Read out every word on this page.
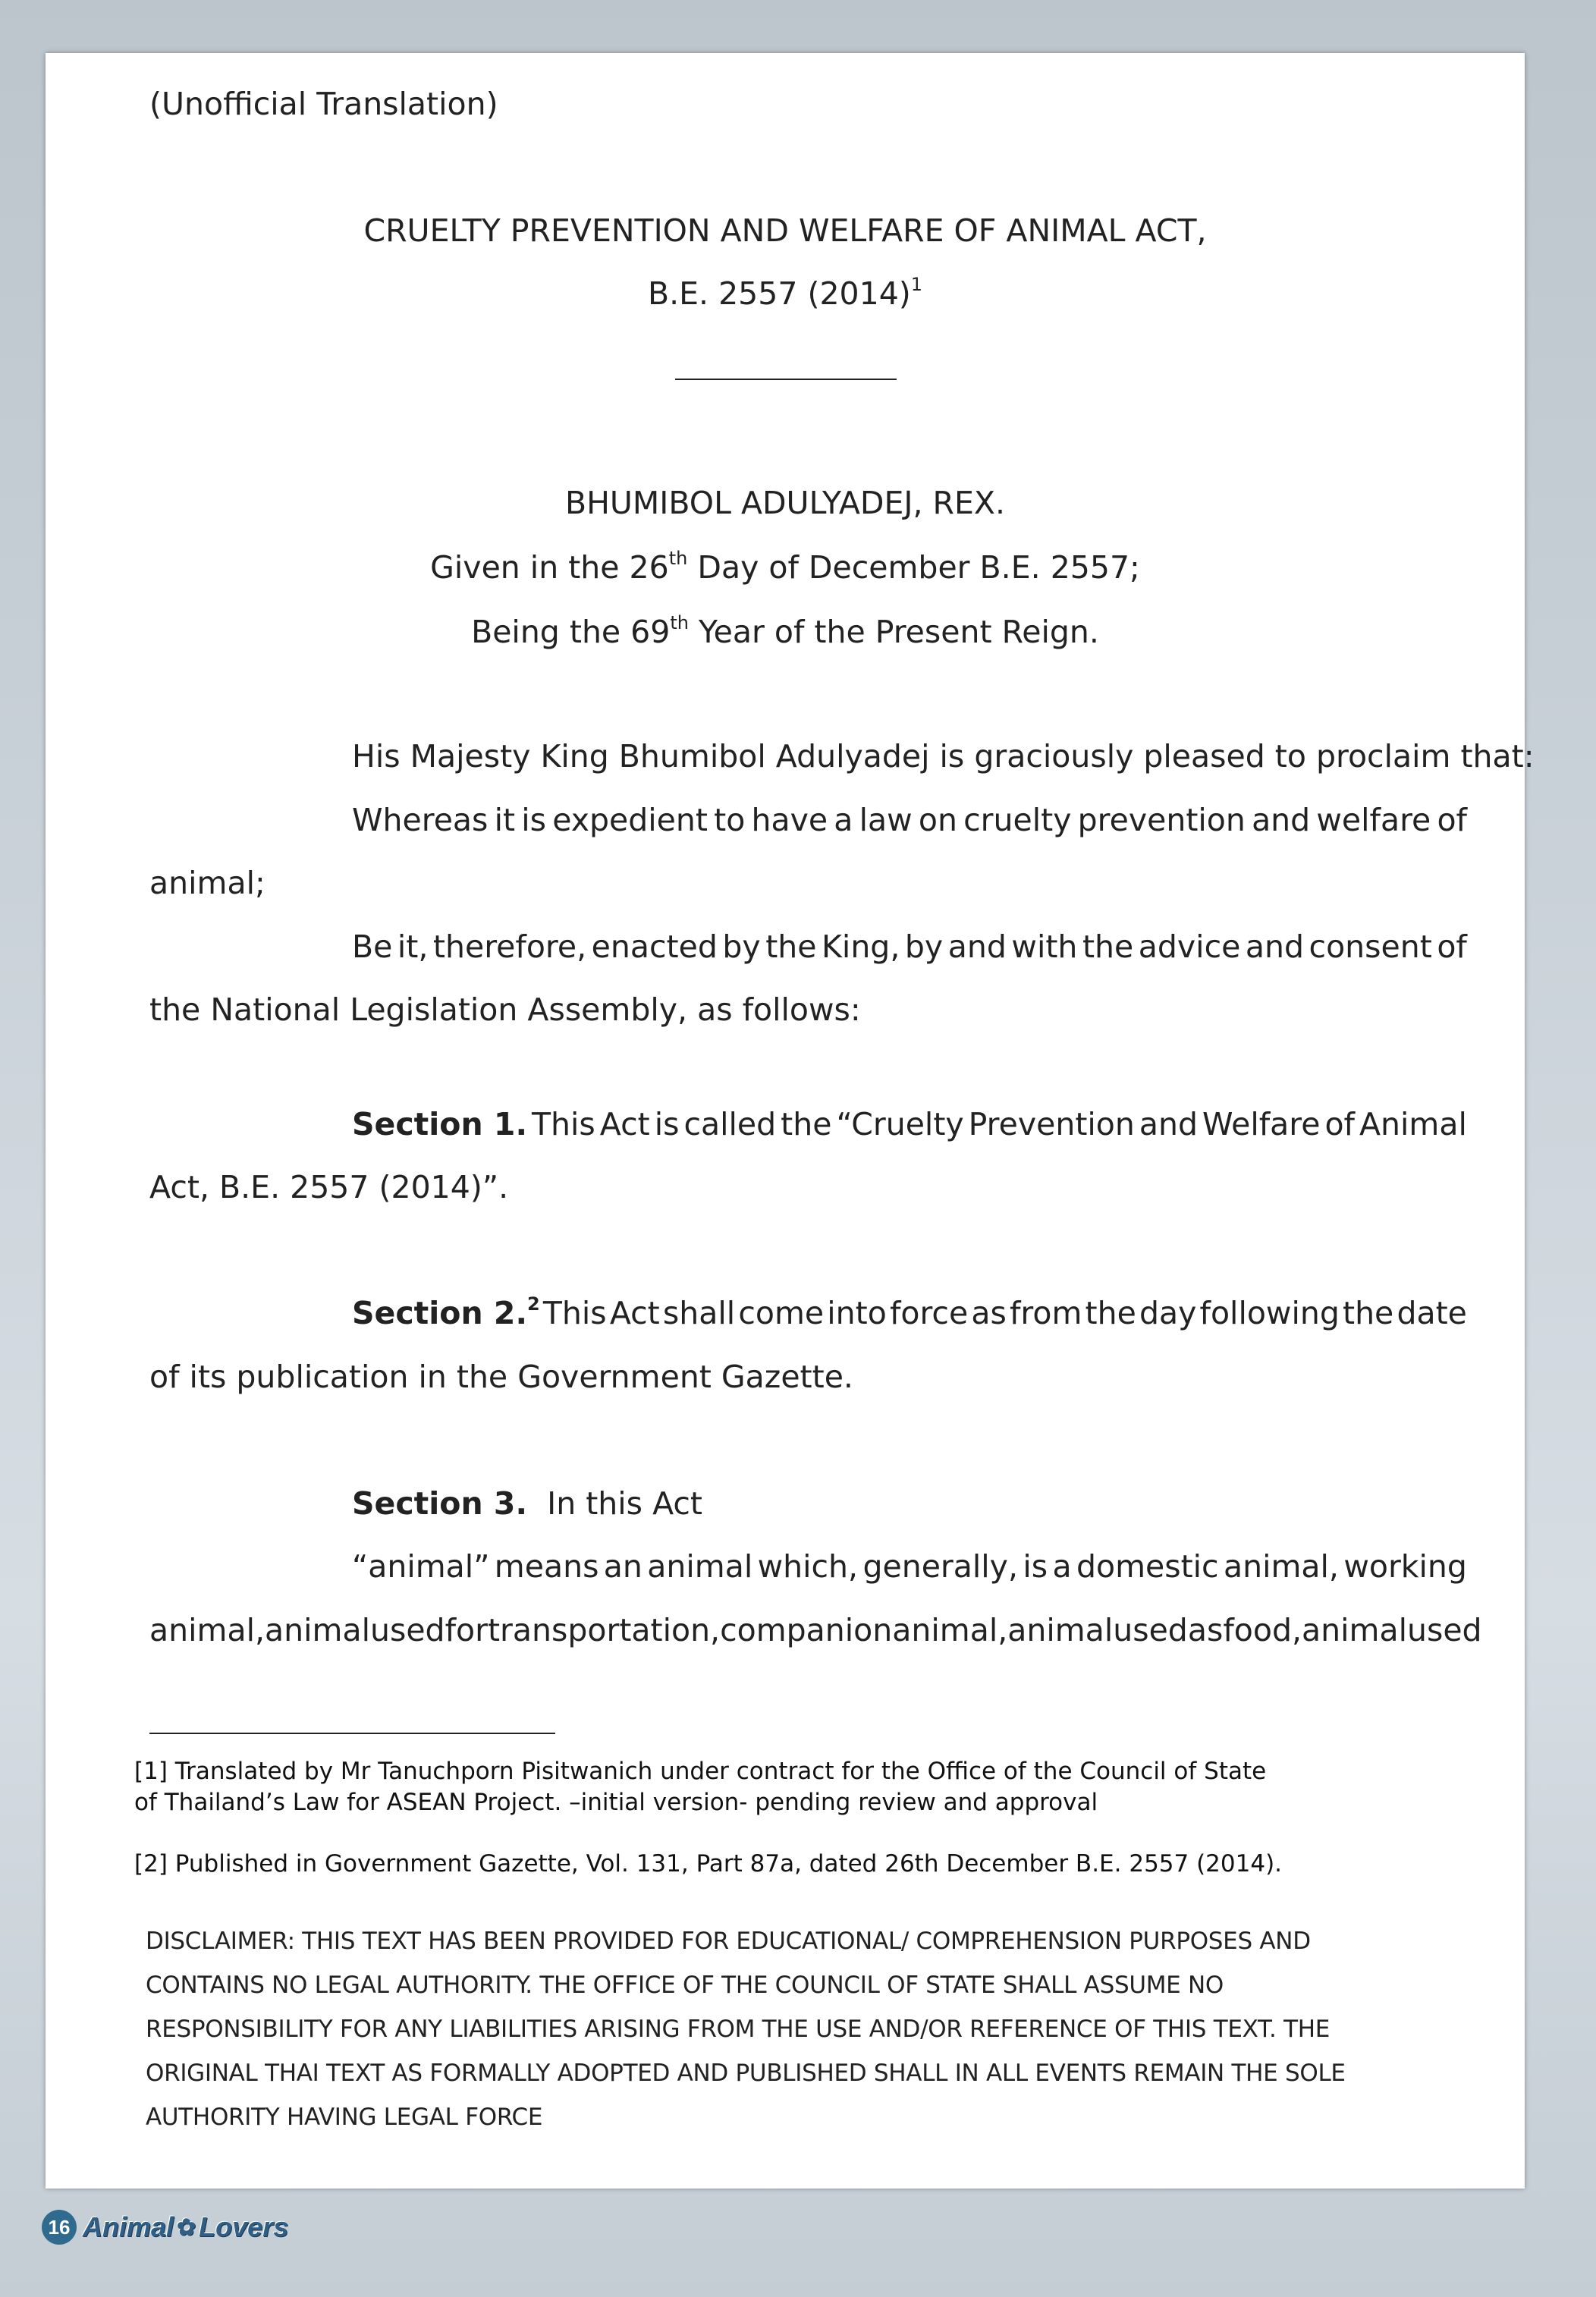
(Unofficial Translation)
CRUELTY PREVENTION AND WELFARE OF ANIMAL ACT,
B.E. 2557 $(2014)^1$
BHUMIBOL ADULYADEJ, REX.
Given in the 26th Day of December B.E. 2557;
Being the 69th Year of the Present Reign.
His Majesty King Bhumibol Adulyadej is graciously pleased to proclaim that:
Whereas it is expedient to have a law on cruelty prevention and welfare of
animal;
Be it, therefore, enacted by the King, by and with the advice and consent of
the National Legislation Assembly, as follows:
Section 1. This Act is called the “Cruelty Prevention and Welfare of Animal
Act, B.E. 2557 (2014)”.
Section 2.$^2$ This Act shall come into force as from the day following the date
of its publication in the Government Gazette.
Section 3. In this Act
“animal” means an animal which, generally, is a domestic animal, working
animal, animal used for transportation, companion animal, animal used as food, animal used
[1] Translated by Mr Tanuchporn Pisitwanich under contract for the Office of the Council of State
of Thailand’s Law for ASEAN Project. –initial version- pending review and approval
[2] Published in Government Gazette, Vol. 131, Part 87a, dated 26th December B.E. 2557 (2014).
DISCLAIMER: THIS TEXT HAS BEEN PROVIDED FOR EDUCATIONAL/ COMPREHENSION PURPOSES AND
CONTAINS NO LEGAL AUTHORITY. THE OFFICE OF THE COUNCIL OF STATE SHALL ASSUME NO
RESPONSIBILITY FOR ANY LIABILITIES ARISING FROM THE USE AND/OR REFERENCE OF THIS TEXT. THE
ORIGINAL THAI TEXT AS FORMALLY ADOPTED AND PUBLISHED SHALL IN ALL EVENTS REMAIN THE SOLE
AUTHORITY HAVING LEGAL FORCE
16 Animal ✿ Lovers
